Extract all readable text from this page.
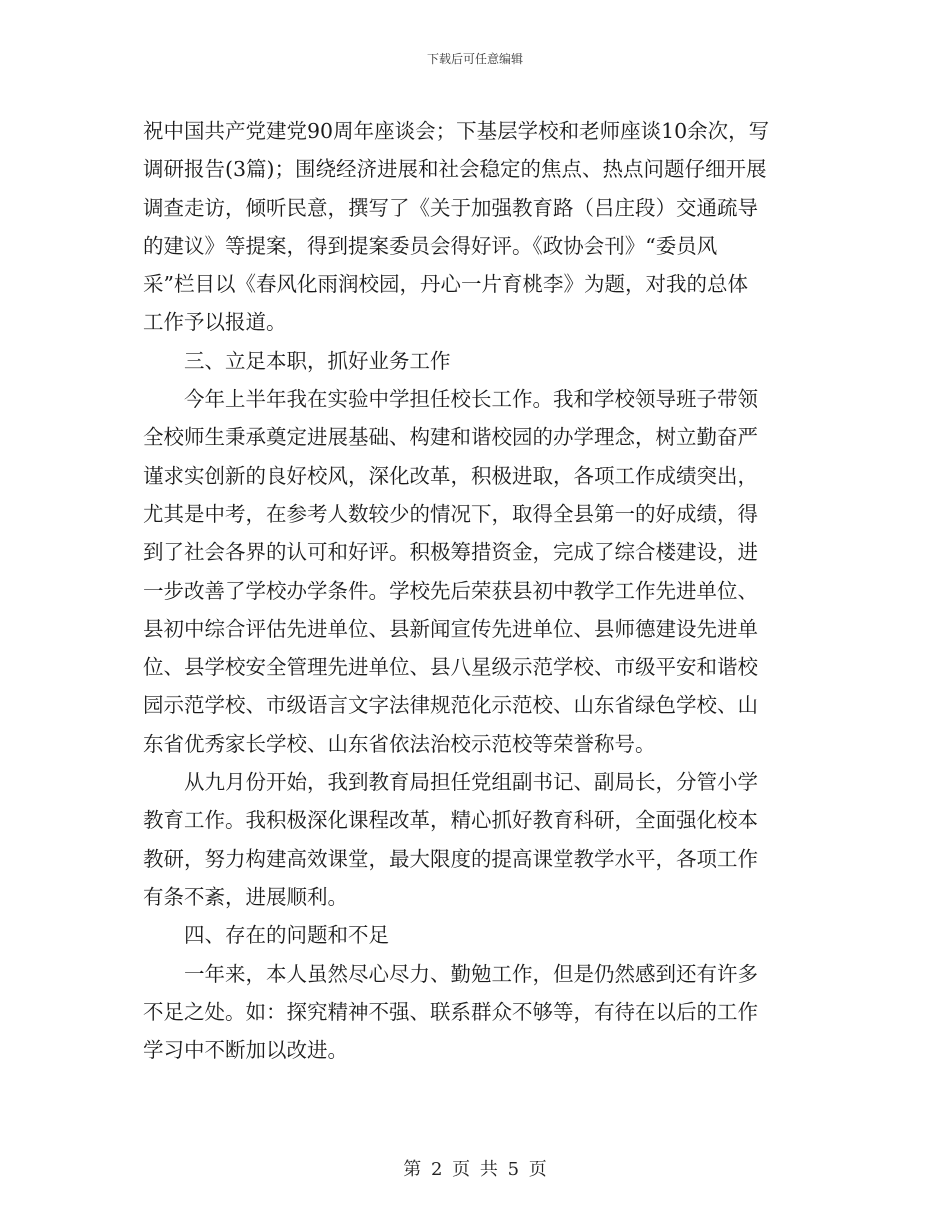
下载后可任意编辑
祝中国共产党建党90周年座谈会；下基层学校和老师座谈10余次，写
调研报告(3篇)；围绕经济进展和社会稳定的焦点、热点问题仔细开展
调查走访，倾听民意，撰写了《关于加强教育路（吕庄段）交通疏导
的建议》等提案，得到提案委员会得好评。《政协会刊》“委员风
采”栏目以《春风化雨润校园，丹心一片育桃李》为题，对我的总体
工作予以报道。
三、立足本职，抓好业务工作
今年上半年我在实验中学担任校长工作。我和学校领导班子带领
全校师生秉承奠定进展基础、构建和谐校园的办学理念，树立勤奋严
谨求实创新的良好校风，深化改革，积极进取，各项工作成绩突出，
尤其是中考，在参考人数较少的情况下，取得全县第一的好成绩，得
到了社会各界的认可和好评。积极筹措资金，完成了综合楼建设，进
一步改善了学校办学条件。学校先后荣获县初中教学工作先进单位、
县初中综合评估先进单位、县新闻宣传先进单位、县师德建设先进单
位、县学校安全管理先进单位、县八星级示范学校、市级平安和谐校
园示范学校、市级语言文字法律规范化示范校、山东省绿色学校、山
东省优秀家长学校、山东省依法治校示范校等荣誉称号。
从九月份开始，我到教育局担任党组副书记、副局长，分管小学
教育工作。我积极深化课程改革，精心抓好教育科研，全面强化校本
教研，努力构建高效课堂，最大限度的提高课堂教学水平，各项工作
有条不紊，进展顺利。
四、存在的问题和不足
一年来，本人虽然尽心尽力、勤勉工作，但是仍然感到还有许多
不足之处。如：探究精神不强、联系群众不够等，有待在以后的工作
学习中不断加以改进。
第 2 页 共 5 页
